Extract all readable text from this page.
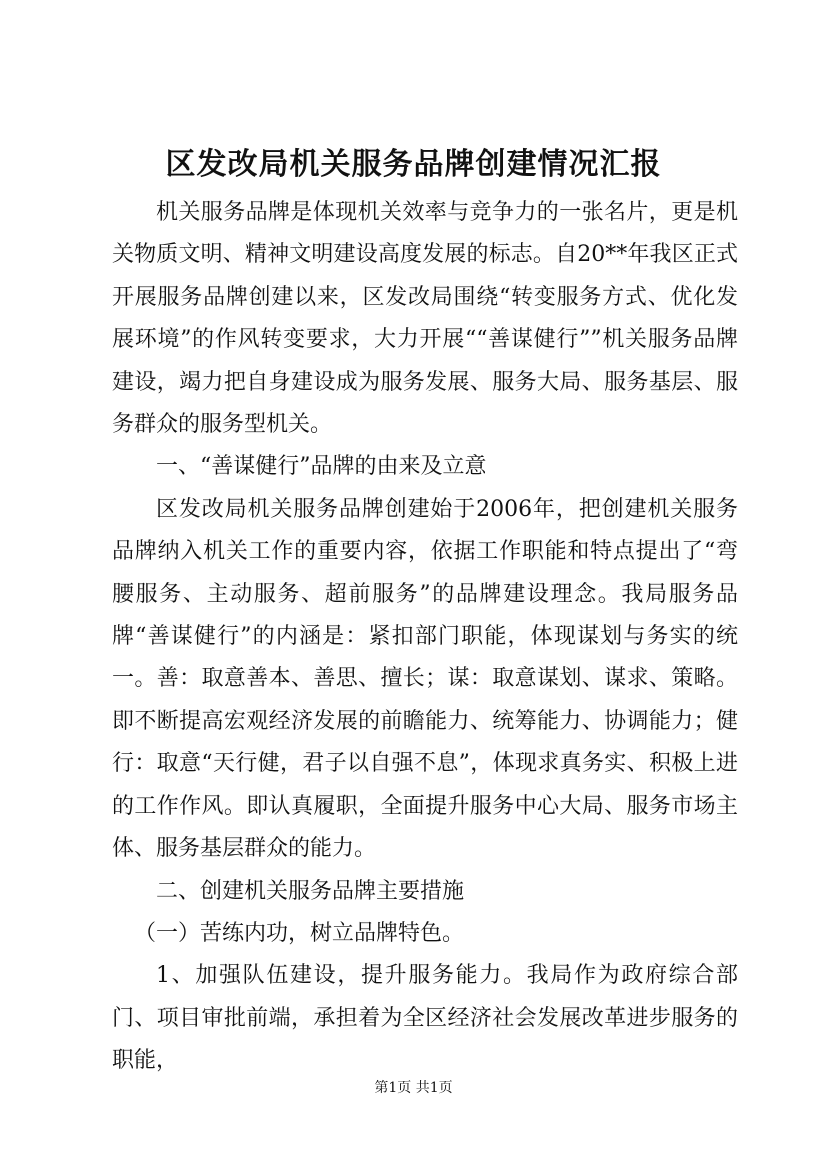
区发改局机关服务品牌创建情况汇报

机关服务品牌是体现机关效率与竞争力的一张名片，更是机关物质文明、精神文明建设高度发展的标志。自20**年我区正式开展服务品牌创建以来，区发改局围绕“转变服务方式、优化发展环境”的作风转变要求，大力开展““善谋健行””机关服务品牌建设，竭力把自身建设成为服务发展、服务大局、服务基层、服务群众的服务型机关。

一、“善谋健行”品牌的由来及立意

区发改局机关服务品牌创建始于2006年，把创建机关服务品牌纳入机关工作的重要内容，依据工作职能和特点提出了“弯腰服务、主动服务、超前服务”的品牌建设理念。我局服务品牌“善谋健行”的内涵是：紧扣部门职能，体现谋划与务实的统一。善：取意善本、善思、擅长；谋：取意谋划、谋求、策略。即不断提高宏观经济发展的前瞻能力、统筹能力、协调能力；健行：取意“天行健，君子以自强不息”，体现求真务实、积极上进的工作作风。即认真履职，全面提升服务中心大局、服务市场主体、服务基层群众的能力。

二、创建机关服务品牌主要措施

（一）苦练内功，树立品牌特色。

1、加强队伍建设，提升服务能力。我局作为政府综合部门、项目审批前端，承担着为全区经济社会发展改革进步服务的职能，

第1页 共1页
